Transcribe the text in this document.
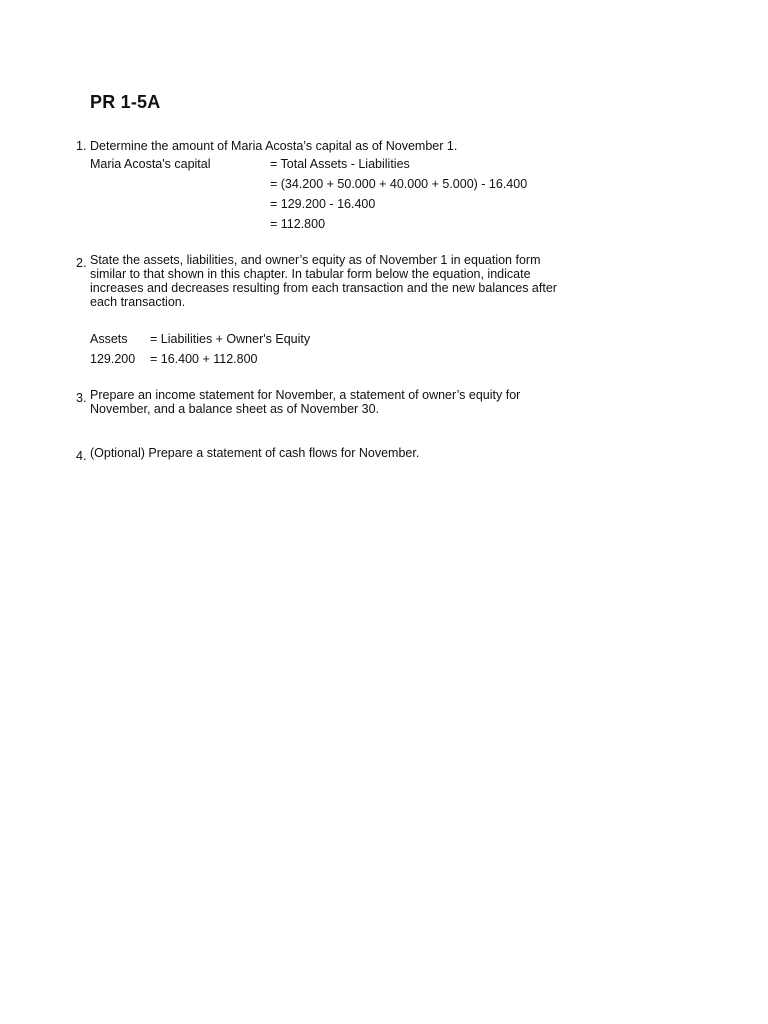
PR 1-5A
1. Determine the amount of Maria Acosta’s capital as of November 1.
Maria Acosta's capital	= Total Assets - Liabilities
= (34.200 + 50.000 + 40.000 + 5.000) - 16.400
= 129.200 - 16.400
= 112.800
2. State the assets, liabilities, and owner’s equity as of November 1 in equation form
similar to that shown in this chapter. In tabular form below the equation, indicate
increases and decreases resulting from each transaction and the new balances after
each transaction.
Assets = Liabilities + Owner's Equity
129.200 = 16.400 + 112.800
3. Prepare an income statement for November, a statement of owner’s equity for
November, and a balance sheet as of November 30.
4. (Optional) Prepare a statement of cash flows for November.
